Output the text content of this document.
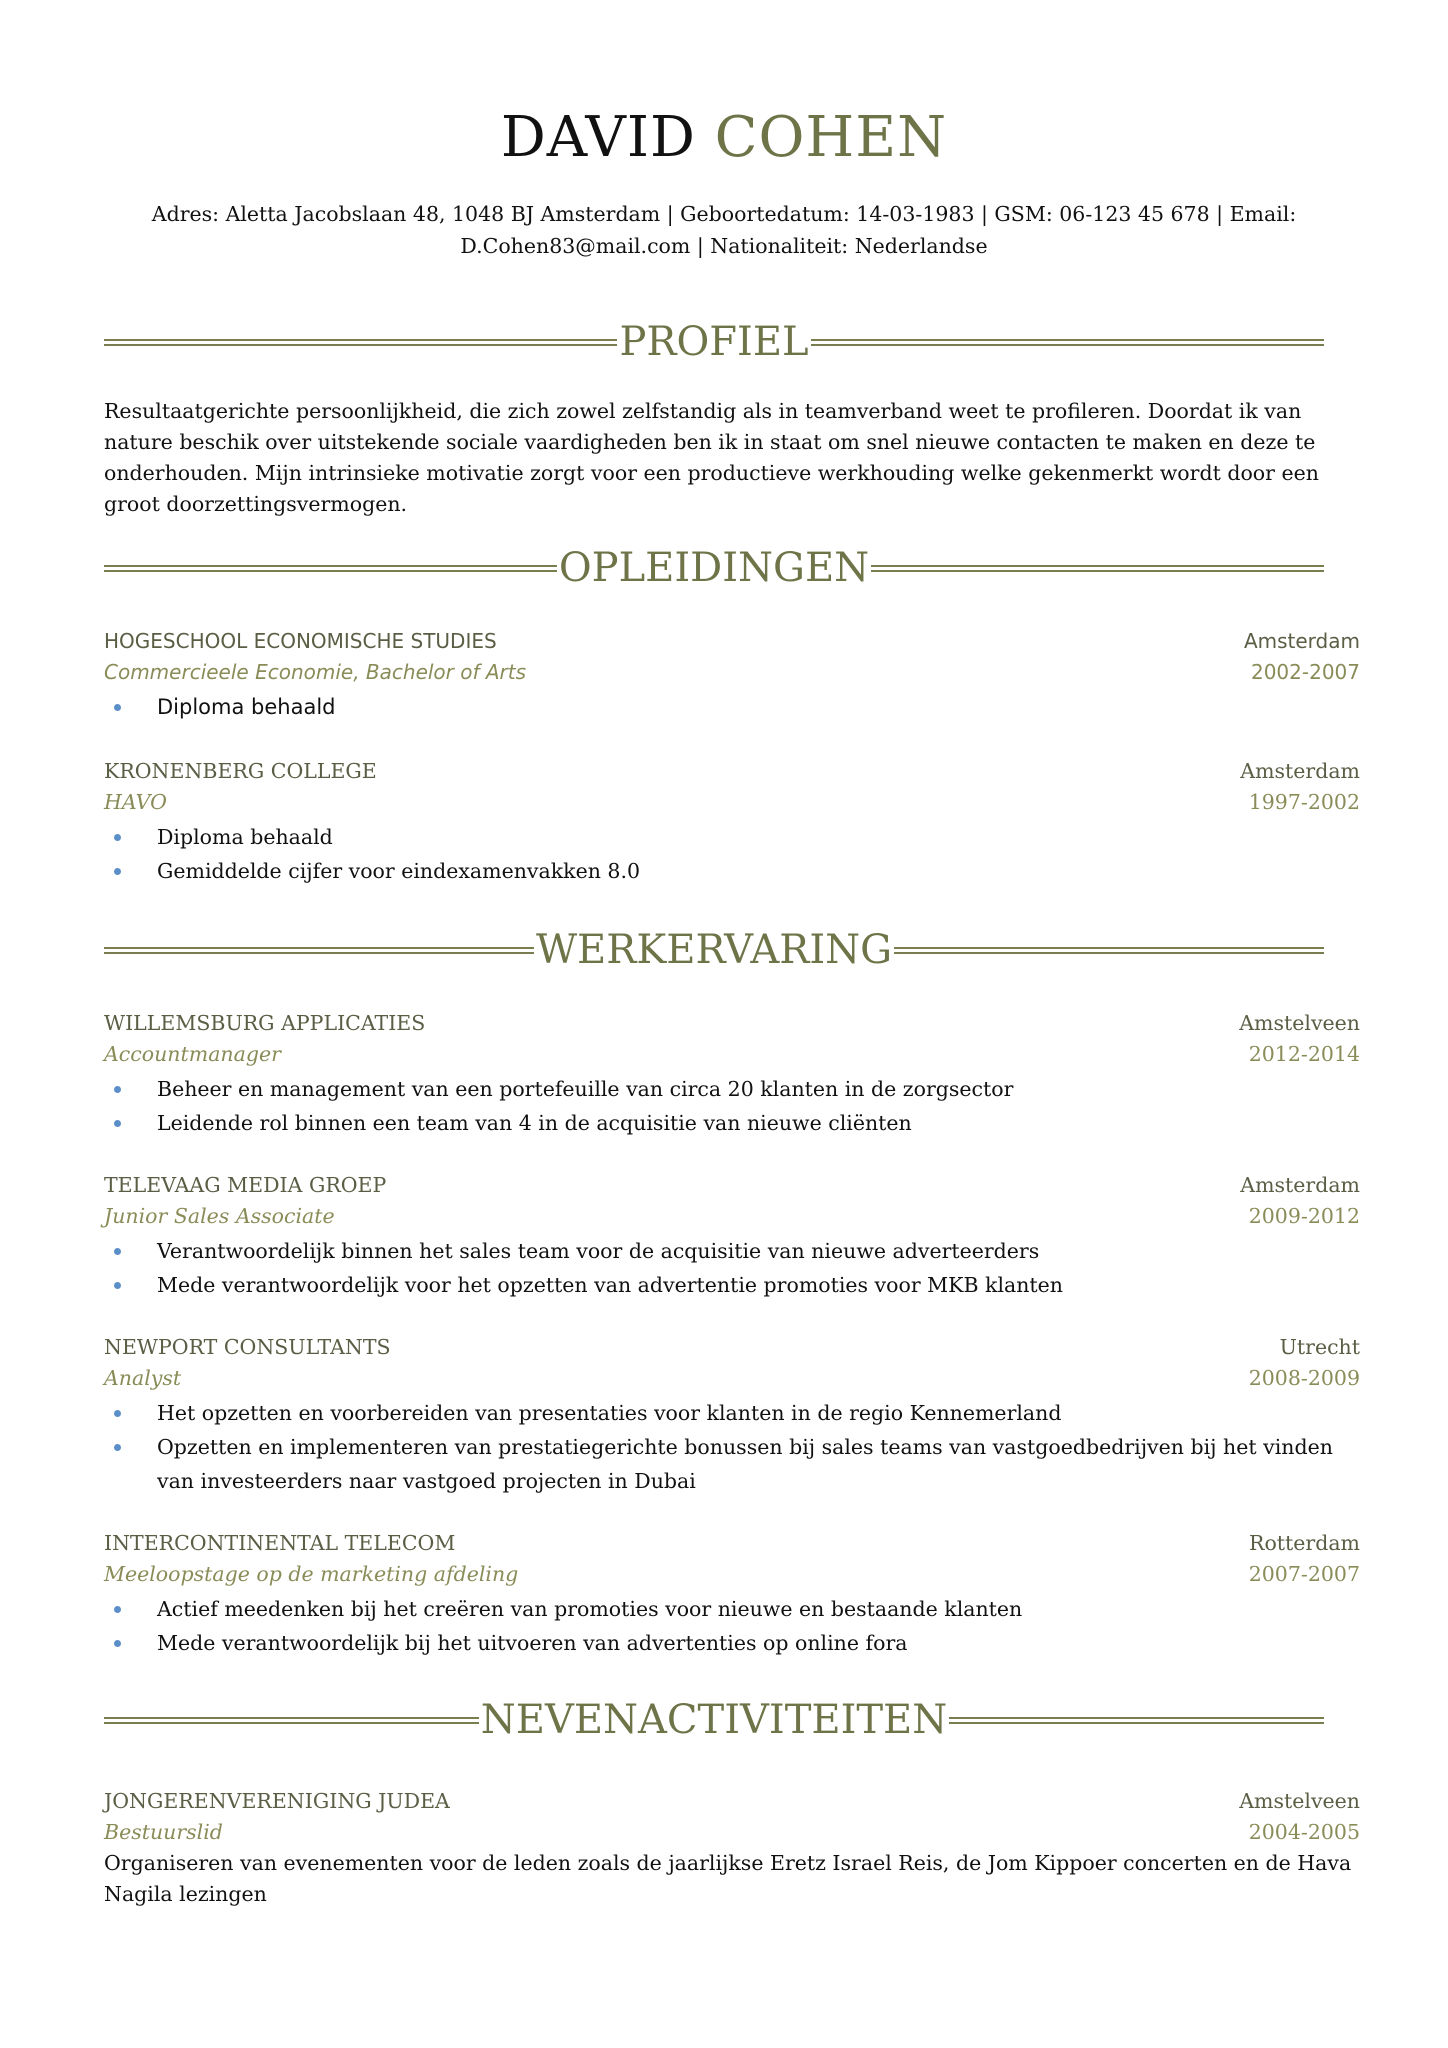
DAVID COHEN
Adres: Aletta Jacobslaan 48, 1048 BJ Amsterdam | Geboortedatum: 14-03-1983 | GSM: 06-123 45 678 | Email:
D.Cohen83@mail.com | Nationaliteit: Nederlandse
PROFIEL
Resultaatgerichte persoonlijkheid, die zich zowel zelfstandig als in teamverband weet te profileren. Doordat ik van
nature beschik over uitstekende sociale vaardigheden ben ik in staat om snel nieuwe contacten te maken en deze te
onderhouden. Mijn intrinsieke motivatie zorgt voor een productieve werkhouding welke gekenmerkt wordt door een
groot doorzettingsvermogen.
OPLEIDINGEN
HOGESCHOOL ECONOMISCHE STUDIES	Amsterdam
Commercieele Economie, Bachelor of Arts	2002-2007
Diploma behaald
KRONENBERG COLLEGE	Amsterdam
HAVO	1997-2002
Diploma behaald
Gemiddelde cijfer voor eindexamenvakken 8.0
WERKERVARING
WILLEMSBURG APPLICATIES	Amstelveen
Accountmanager	2012-2014
Beheer en management van een portefeuille van circa 20 klanten in de zorgsector
Leidende rol binnen een team van 4 in de acquisitie van nieuwe cliënten
TELEVAAG MEDIA GROEP	Amsterdam
Junior Sales Associate	2009-2012
Verantwoordelijk binnen het sales team voor de acquisitie van nieuwe adverteerders
Mede verantwoordelijk voor het opzetten van advertentie promoties voor MKB klanten
NEWPORT CONSULTANTS	Utrecht
Analyst	2008-2009
Het opzetten en voorbereiden van presentaties voor klanten in de regio Kennemerland
Opzetten en implementeren van prestatiegerichte bonussen bij sales teams van vastgoedbedrijven bij het vinden
van investeerders naar vastgoed projecten in Dubai
INTERCONTINENTAL TELECOM	Rotterdam
Meeloopstage op de marketing afdeling	2007-2007
Actief meedenken bij het creëren van promoties voor nieuwe en bestaande klanten
Mede verantwoordelijk bij het uitvoeren van advertenties op online fora
NEVENACTIVITEITEN
JONGERENVERENIGING JUDEA	Amstelveen
Bestuurslid	2004-2005
Organiseren van evenementen voor de leden zoals de jaarlijkse Eretz Israel Reis, de Jom Kippoer concerten en de Hava
Nagila lezingen
